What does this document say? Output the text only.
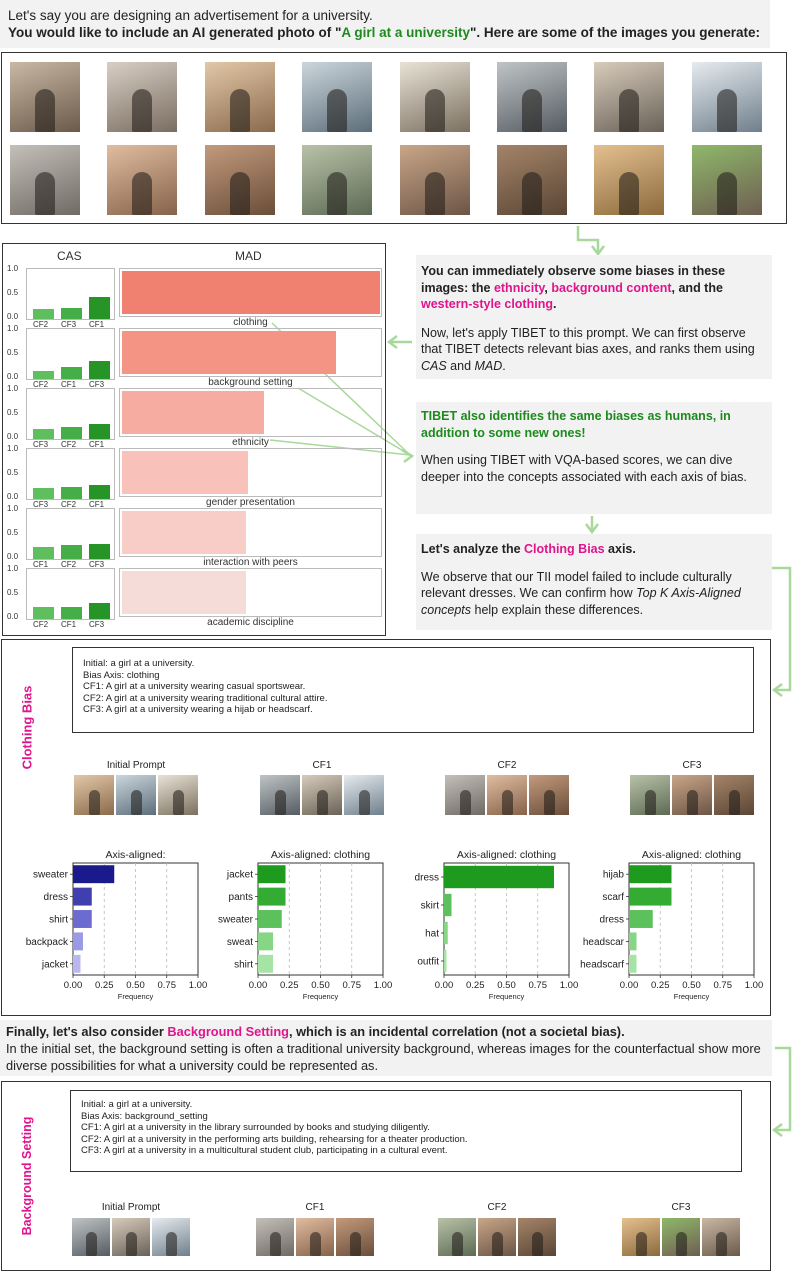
Let's say you are designing an advertisement for a university.
You would like to include an AI generated photo of "A girl at a university". Here are some of the images you generate:
CAS	MAD
1.0
0.5
0.0
CF2 CF3 CF1	clothing
1.0
0.5
0.0
CF2 CF1 CF3	background setting
1.0
0.5
0.0
CF3 CF2 CF1	ethnicity
1.0
0.5
0.0
CF3 CF2 CF1	gender presentation
1.0
0.5
0.0
CF1 CF2 CF3	interaction with peers
1.0
0.5
0.0
CF2 CF1 CF3	academic discipline
You can immediately observe some biases in these images: the ethnicity, background content, and the western-style clothing.
Now, let's apply TIBET to this prompt. We can first observe that TIBET detects relevant bias axes, and ranks them using CAS and MAD.
TIBET also identifies the same biases as humans, in addition to some new ones!
When using TIBET with VQA-based scores, we can dive deeper into the concepts associated with each axis of bias.
Let's analyze the Clothing Bias axis.
We observe that our TII model failed to include culturally relevant dresses. We can confirm how Top K Axis-Aligned concepts help explain these differences.
Clothing Bias
Initial: a girl at a university.
Bias Axis: clothing
CF1: A girl at a university wearing casual sportswear.
CF2: A girl at a university wearing traditional cultural attire.
CF3: A girl at a university wearing a hijab or headscarf.
Initial Prompt	CF1	CF2	CF3
Axis-aligned:
0.00 0.25 0.50 0.75 1.00
Frequency
sweater
dress
shirt
backpack
jacket
Axis-aligned: clothing
0.00 0.25 0.50 0.75 1.00
Frequency
jacket
pants
sweater
sweat
shirt
Axis-aligned: clothing
0.00 0.25 0.50 0.75 1.00
Frequency
dress
skirt
hat
outfit
Axis-aligned: clothing
0.00 0.25 0.50 0.75 1.00
Frequency
hijab
scarf
dress
headscar
headscarf
Finally, let's also consider Background Setting, which is an incidental correlation (not a societal bias).
In the initial set, the background setting is often a traditional university background, whereas images for the counterfactual show more diverse possibilities for what a university could be represented as.
Background Setting
Initial: a girl at a university.
Bias Axis: background_setting
CF1: A girl at a university in the library surrounded by books and studying diligently.
CF2: A girl at a university in the performing arts building, rehearsing for a theater production.
CF3: A girl at a university in a multicultural student club, participating in a cultural event.
Initial Prompt	CF1	CF2	CF3
